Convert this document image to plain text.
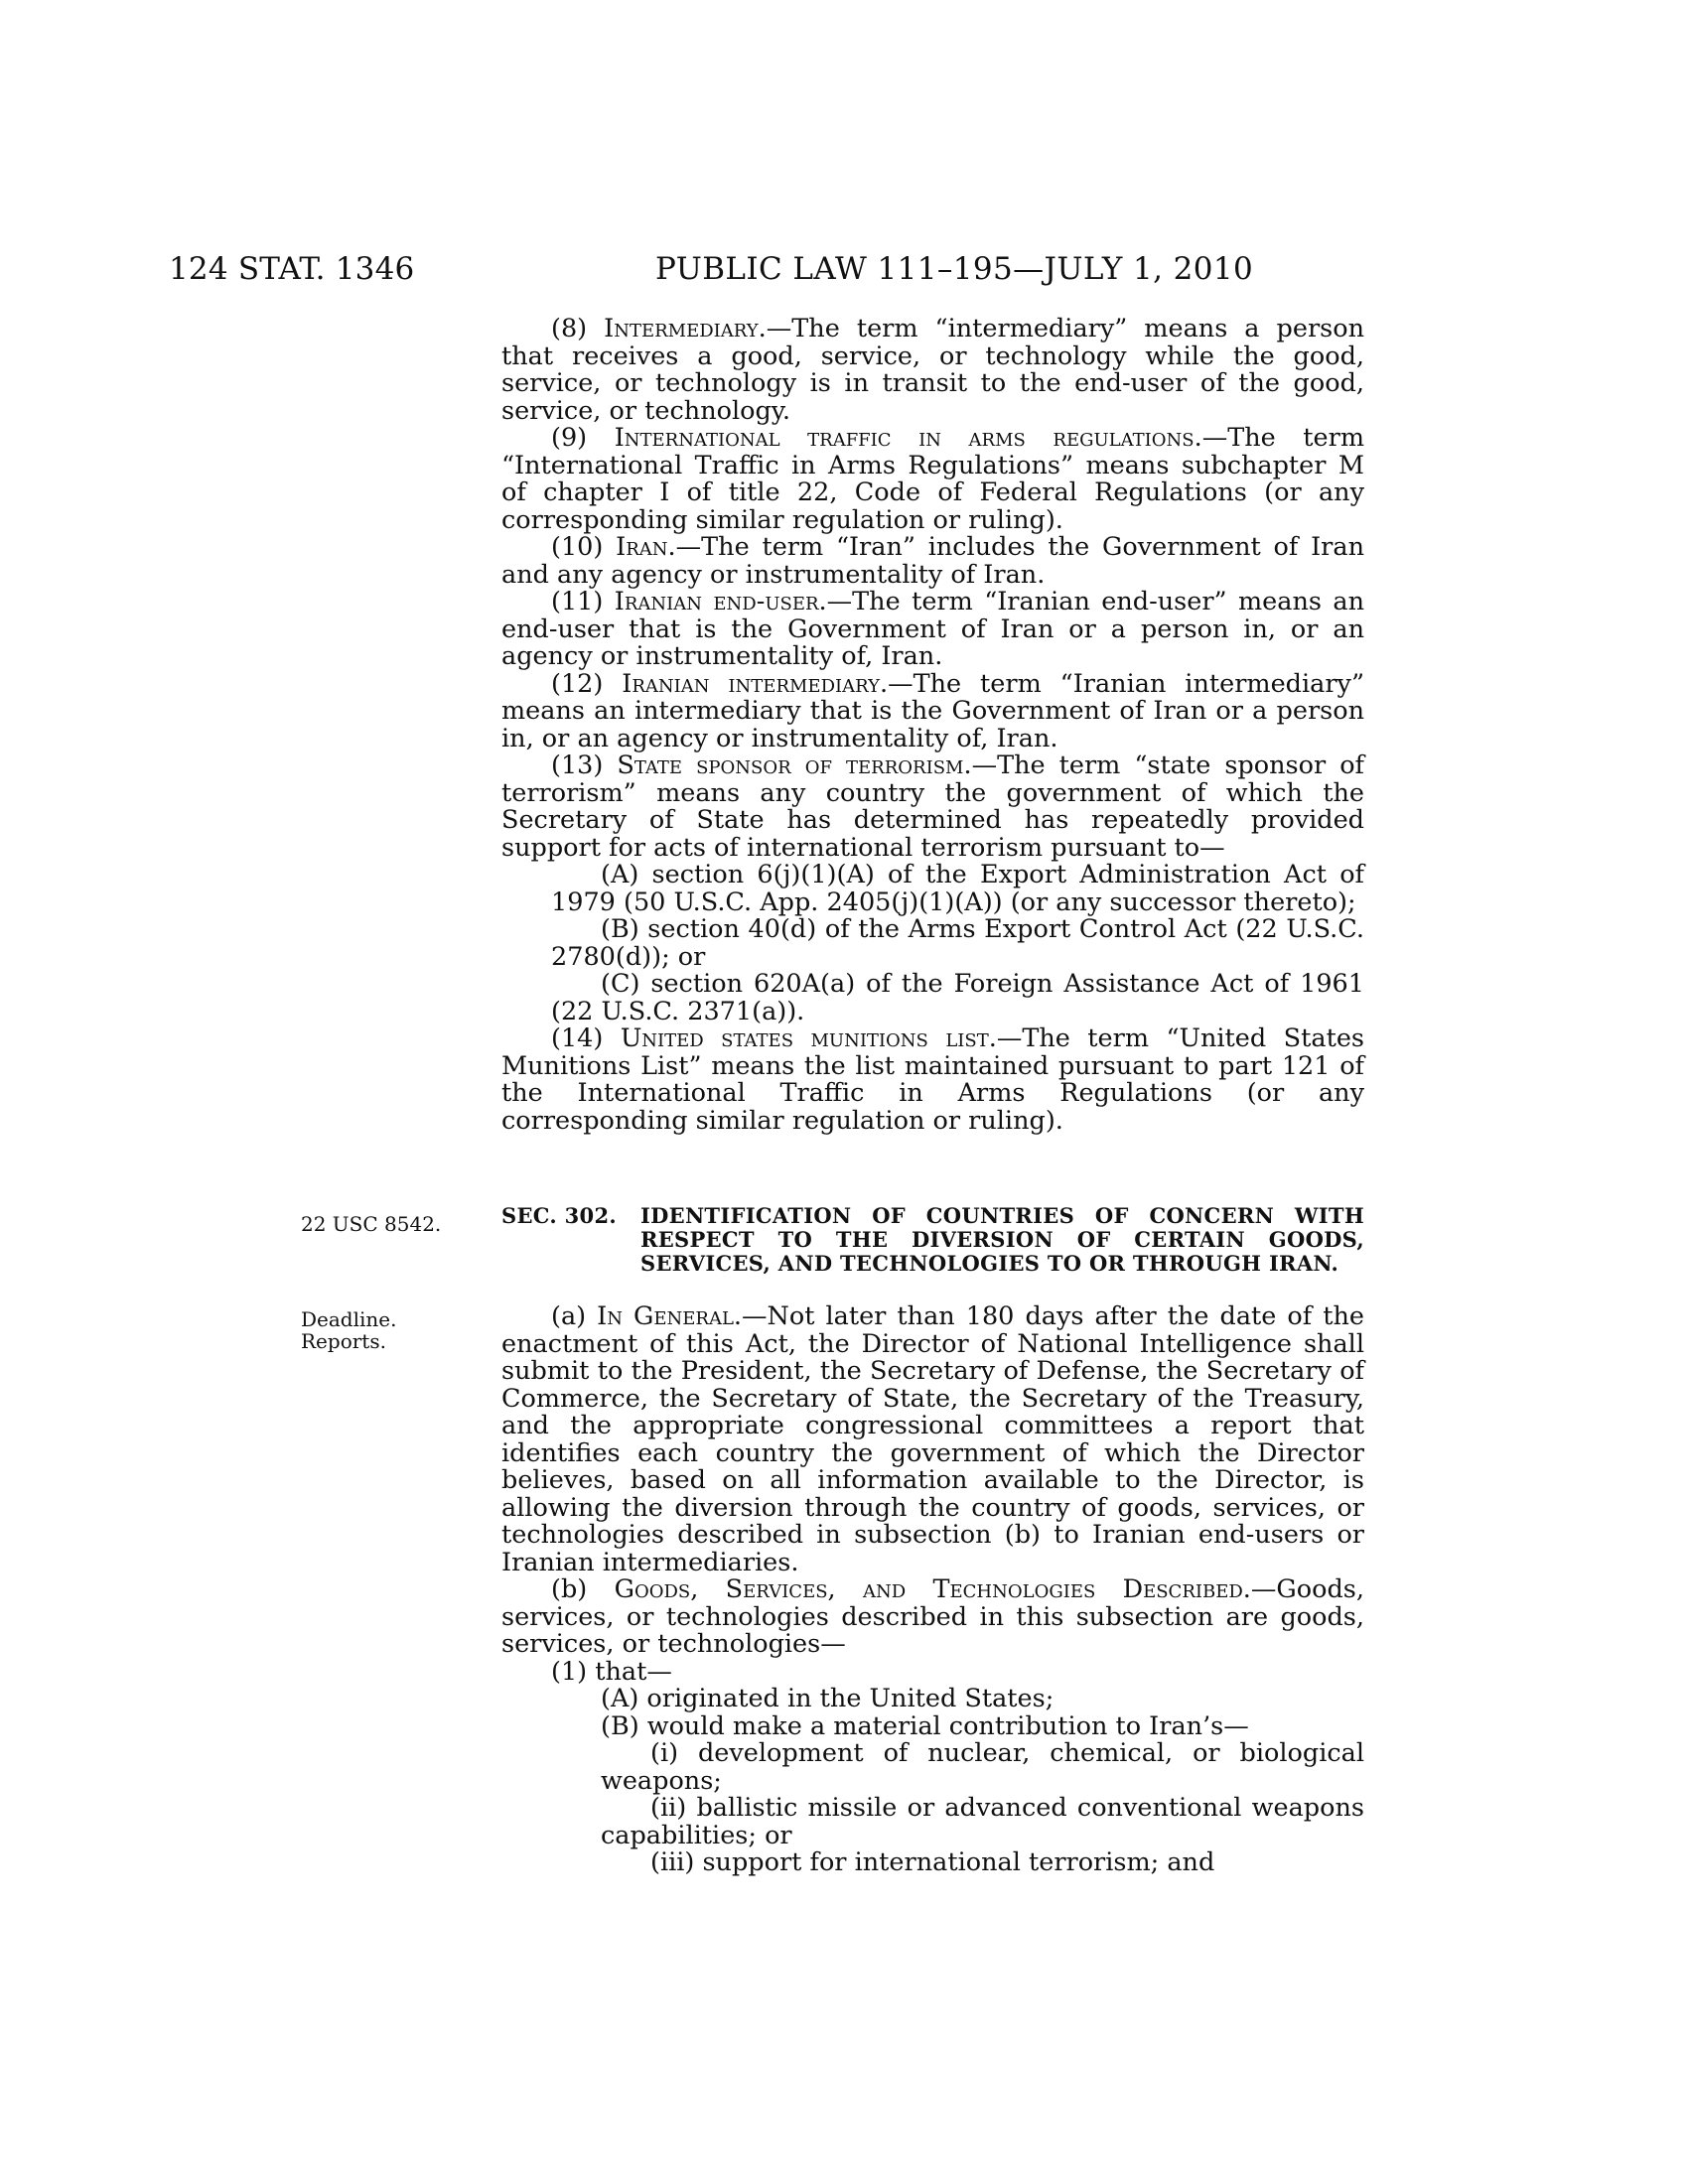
124 STAT. 1346	PUBLIC LAW 111–195—JULY 1, 2010

(8) Intermediary.—The term “intermediary” means a person that receives a good, service, or technology while the good, service, or technology is in transit to the end-user of the good, service, or technology.

(9) International traffic in arms regulations.—The term “International Traffic in Arms Regulations” means subchapter M of chapter I of title 22, Code of Federal Regulations (or any corresponding similar regulation or ruling).

(10) Iran.—The term “Iran” includes the Government of Iran and any agency or instrumentality of Iran.

(11) Iranian end-user.—The term “Iranian end-user” means an end-user that is the Government of Iran or a person in, or an agency or instrumentality of, Iran.

(12) Iranian intermediary.—The term “Iranian intermediary” means an intermediary that is the Government of Iran or a person in, or an agency or instrumentality of, Iran.

(13) State sponsor of terrorism.—The term “state sponsor of terrorism” means any country the government of which the Secretary of State has determined has repeatedly provided support for acts of international terrorism pursuant to—

(A) section 6(j)(1)(A) of the Export Administration Act of 1979 (50 U.S.C. App. 2405(j)(1)(A)) (or any successor thereto);

(B) section 40(d) of the Arms Export Control Act (22 U.S.C. 2780(d)); or

(C) section 620A(a) of the Foreign Assistance Act of 1961 (22 U.S.C. 2371(a)).

(14) United states munitions list.—The term “United States Munitions List” means the list maintained pursuant to part 121 of the International Traffic in Arms Regulations (or any corresponding similar regulation or ruling).

22 USC 8542.
Deadline.
Reports.
SEC. 302. IDENTIFICATION OF COUNTRIES OF CONCERN WITH RESPECT TO THE DIVERSION OF CERTAIN GOODS, SERVICES, AND TECHNOLOGIES TO OR THROUGH IRAN.

(a) In General.—Not later than 180 days after the date of the enactment of this Act, the Director of National Intelligence shall submit to the President, the Secretary of Defense, the Secretary of Commerce, the Secretary of State, the Secretary of the Treasury, and the appropriate congressional committees a report that identifies each country the government of which the Director believes, based on all information available to the Director, is allowing the diversion through the country of goods, services, or technologies described in subsection (b) to Iranian end-users or Iranian intermediaries.

(b) Goods, Services, and Technologies Described.—Goods, services, or technologies described in this subsection are goods, services, or technologies—

(1) that—

(A) originated in the United States;

(B) would make a material contribution to Iran’s—

(i) development of nuclear, chemical, or biological weapons;

(ii) ballistic missile or advanced conventional weapons capabilities; or

(iii) support for international terrorism; and
